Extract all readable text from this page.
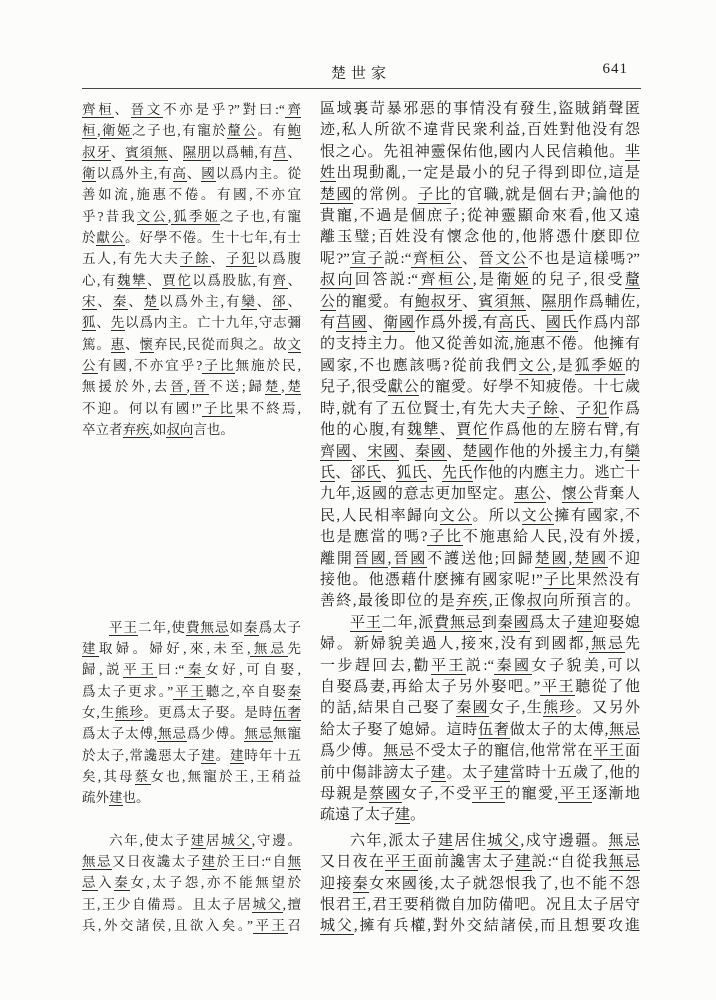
楚世家	641
齊桓、晉文不亦是乎?”對曰:“齊
桓,衛姬之子也,有寵於釐公。有鮑
叔牙、賓須無、隰朋以爲輔,有莒、
衛以爲外主,有高、國以爲内主。從
善如流,施惠不倦。有國,不亦宜
乎?昔我文公,狐季姬之子也,有寵
於獻公。好學不倦。生十七年,有士
五人,有先大夫子餘、子犯以爲腹
心,有魏犨、賈佗以爲股肱,有齊、
宋、秦、楚以爲外主,有欒、郤、
狐、先以爲内主。亡十九年,守志彌
篤。惠、懷弃民,民從而與之。故文
公有國,不亦宜乎?子比無施於民,
無援於外,去晉,晉不送;歸楚,楚
不迎。何以有國!”子比果不終焉,
卒立者弃疾,如叔向言也。
平王二年,使費無忌如秦爲太子
建取婦。婦好,來,未至,無忌先
歸,説平王曰:“秦女好,可自娶,
爲太子更求。”平王聽之,卒自娶秦
女,生熊珍。更爲太子娶。是時伍奢
爲太子太傅,無忌爲少傅。無忌無寵
於太子,常讒惡太子建。建時年十五
矣,其母蔡女也,無寵於王,王稍益
疏外建也。
六年,使太子建居城父,守邊。
無忌又日夜讒太子建於王曰:“自無
忌入秦女,太子怨,亦不能無望於
王,王少自備焉。且太子居城父,擅
兵,外交諸侯,且欲入矣。”平王召
區域裏苛暴邪惡的事情没有發生,盜賊銷聲匿
迹,私人所欲不違背民衆利益,百姓對他没有怨
恨之心。先祖神靈保佑他,國内人民信賴他。芈
姓出現動亂,一定是最小的兒子得到即位,這是
楚國的常例。子比的官職,就是個右尹;論他的
貴寵,不過是個庶子;從神靈顯命來看,他又遠
離玉璧;百姓没有懷念他的,他將憑什麽即位
呢?”宣子説:“齊桓公、晉文公不也是這樣嗎?”
叔向回答説:“齊桓公,是衛姬的兒子,很受釐
公的寵愛。有鮑叔牙、賓須無、隰朋作爲輔佐,
有莒國、衛國作爲外援,有高氏、國氏作爲内部
的支持主力。他又從善如流,施惠不倦。他擁有
國家,不也應該嗎?從前我們文公,是狐季姬的
兒子,很受獻公的寵愛。好學不知疲倦。十七歲
時,就有了五位賢士,有先大夫子餘、子犯作爲
他的心腹,有魏犨、賈佗作爲他的左膀右臂,有
齊國、宋國、秦國、楚國作他的外援主力,有欒
氏、郤氏、狐氏、先氏作他的内應主力。逃亡十
九年,返國的意志更加堅定。惠公、懷公背棄人
民,人民相率歸向文公。所以文公擁有國家,不
也是應當的嗎?子比不施惠給人民,没有外援,
離開晉國,晉國不護送他;回歸楚國,楚國不迎
接他。他憑藉什麽擁有國家呢!”子比果然没有
善終,最後即位的是弃疾,正像叔向所預言的。
平王二年,派費無忌到秦國爲太子建迎娶媳
婦。新婦貌美過人,接來,没有到國都,無忌先
一步趕回去,勸平王説:“秦國女子貌美,可以
自娶爲妻,再給太子另外娶吧。”平王聽從了他
的話,結果自己娶了秦國女子,生熊珍。又另外
給太子娶了媳婦。這時伍奢做太子的太傅,無忌
爲少傅。無忌不受太子的寵信,他常常在平王面
前中傷誹謗太子建。太子建當時十五歲了,他的
母親是蔡國女子,不受平王的寵愛,平王逐漸地
疏遠了太子建。
六年,派太子建居住城父,戍守邊疆。無忌
又日夜在平王面前讒害太子建説:“自從我無忌
迎接秦女來國後,太子就怨恨我了,也不能不怨
恨君王,君王要稍微自加防備吧。况且太子居守
城父,擁有兵權,對外交結諸侯,而且想要攻進
